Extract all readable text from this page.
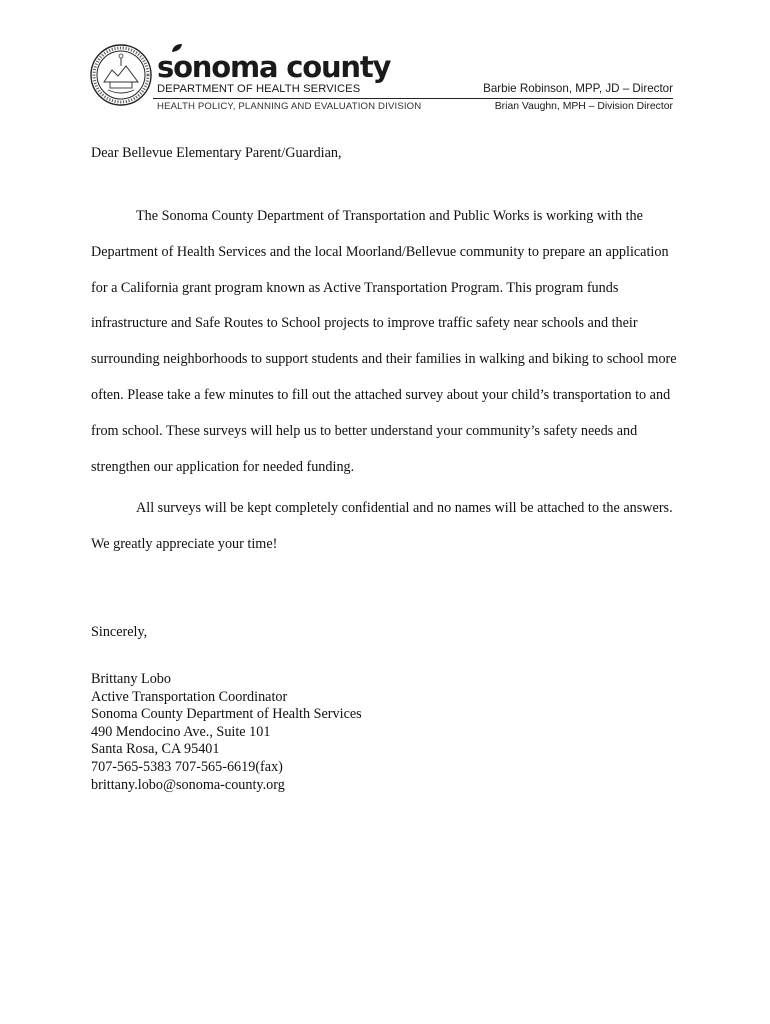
sonoma county
DEPARTMENT OF HEALTH SERVICES
HEALTH POLICY, PLANNING AND EVALUATION DIVISION
Barbie Robinson, MPP, JD – Director
Brian Vaughn, MPH – Division Director
Dear Bellevue Elementary Parent/Guardian,

The Sonoma County Department of Transportation and Public Works is working with the Department of Health Services and the local Moorland/Bellevue community to prepare an application for a California grant program known as Active Transportation Program. This program funds infrastructure and Safe Routes to School projects to improve traffic safety near schools and their surrounding neighborhoods to support students and their families in walking and biking to school more often. Please take a few minutes to fill out the attached survey about your child’s transportation to and from school. These surveys will help us to better understand your community’s safety needs and strengthen our application for needed funding.

All surveys will be kept completely confidential and no names will be attached to the answers. We greatly appreciate your time!

Sincerely,
Brittany Lobo
Active Transportation Coordinator
Sonoma County Department of Health Services
490 Mendocino Ave., Suite 101
Santa Rosa, CA 95401
707-565-5383 707-565-6619(fax)
brittany.lobo@sonoma-county.org
